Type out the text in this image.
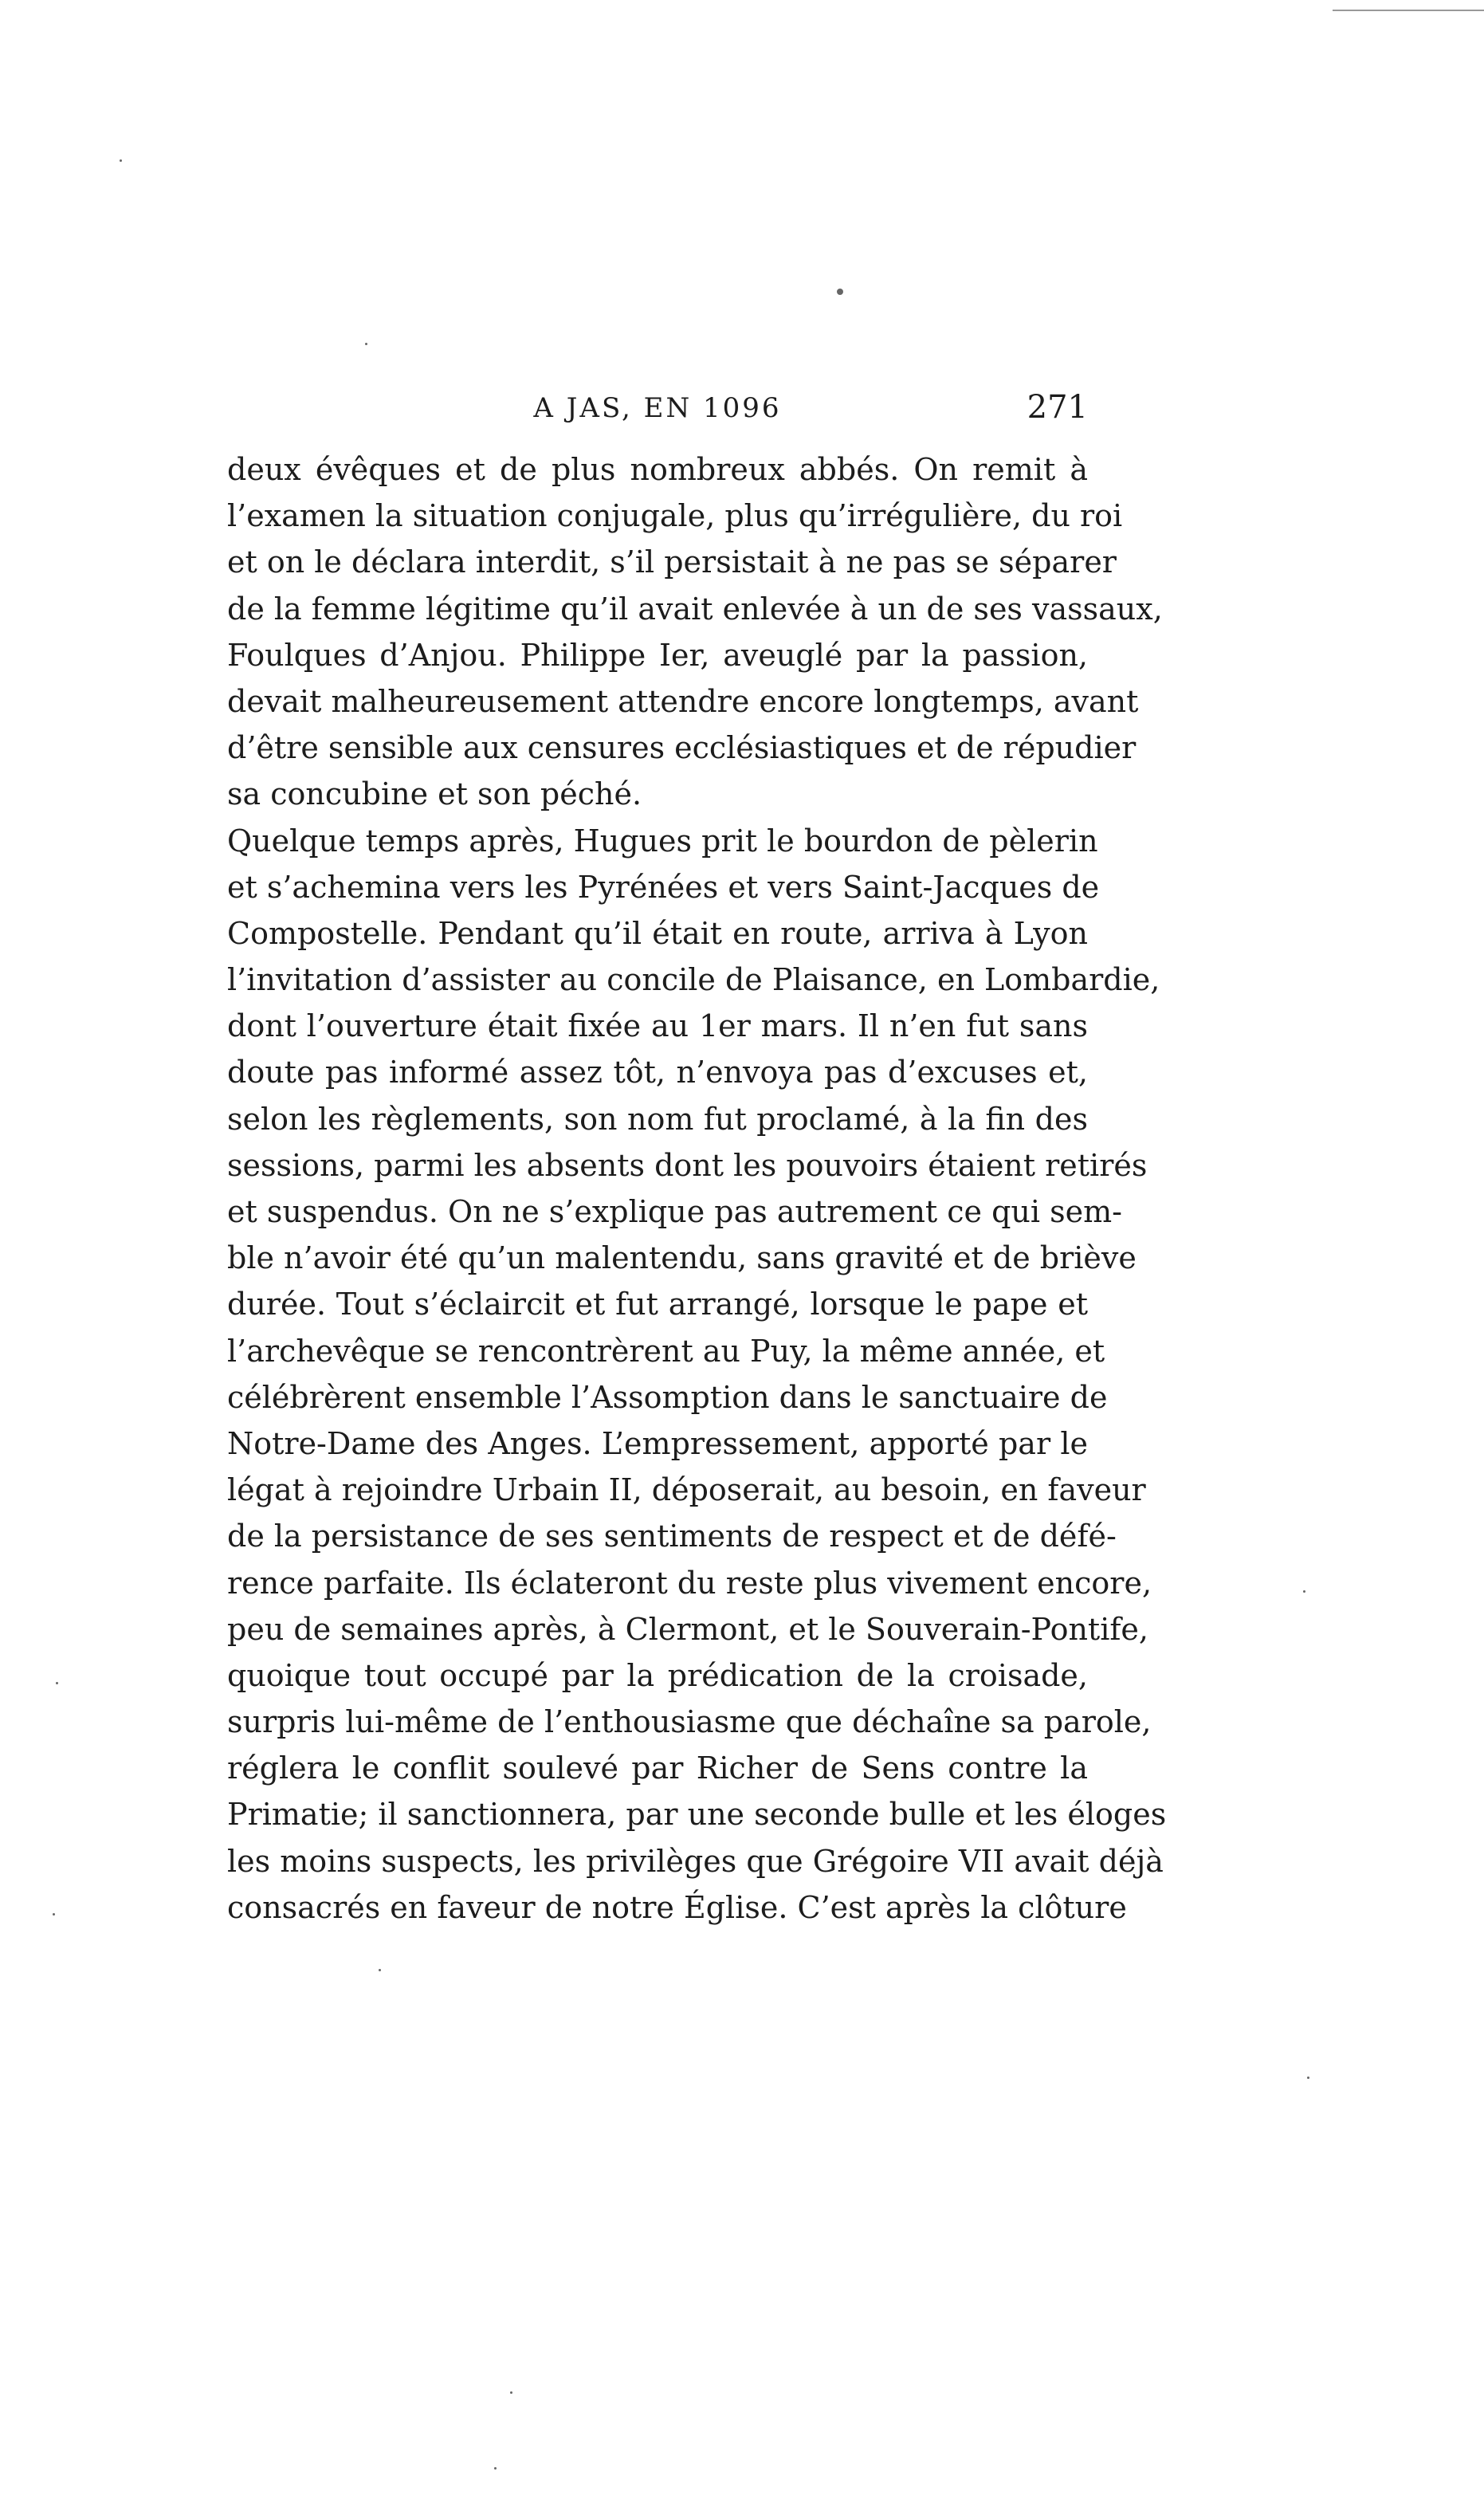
A JAS, EN 1096	271
deux évêques et de plus nombreux abbés. On remit à
l’examen la situation conjugale, plus qu’irrégulière, du roi
et on le déclara interdit, s’il persistait à ne pas se séparer
de la femme légitime qu’il avait enlevée à un de ses vassaux,
Foulques d’Anjou. Philippe Ier, aveuglé par la passion,
devait malheureusement attendre encore longtemps, avant
d’être sensible aux censures ecclésiastiques et de répudier
sa concubine et son péché.
Quelque temps après, Hugues prit le bourdon de pèlerin
et s’achemina vers les Pyrénées et vers Saint-Jacques de
Compostelle. Pendant qu’il était en route, arriva à Lyon
l’invitation d’assister au concile de Plaisance, en Lombardie,
dont l’ouverture était fixée au 1er mars. Il n’en fut sans
doute pas informé assez tôt, n’envoya pas d’excuses et,
selon les règlements, son nom fut proclamé, à la fin des
sessions, parmi les absents dont les pouvoirs étaient retirés
et suspendus. On ne s’explique pas autrement ce qui sem-
ble n’avoir été qu’un malentendu, sans gravité et de briève
durée. Tout s’éclaircit et fut arrangé, lorsque le pape et
l’archevêque se rencontrèrent au Puy, la même année, et
célébrèrent ensemble l’Assomption dans le sanctuaire de
Notre-Dame des Anges. L’empressement, apporté par le
légat à rejoindre Urbain II, déposerait, au besoin, en faveur
de la persistance de ses sentiments de respect et de défé-
rence parfaite. Ils éclateront du reste plus vivement encore,
peu de semaines après, à Clermont, et le Souverain-Pontife,
quoique tout occupé par la prédication de la croisade,
surpris lui-même de l’enthousiasme que déchaîne sa parole,
réglera le conflit soulevé par Richer de Sens contre la
Primatie; il sanctionnera, par une seconde bulle et les éloges
les moins suspects, les privilèges que Grégoire VII avait déjà
consacrés en faveur de notre Église. C’est après la clôture
